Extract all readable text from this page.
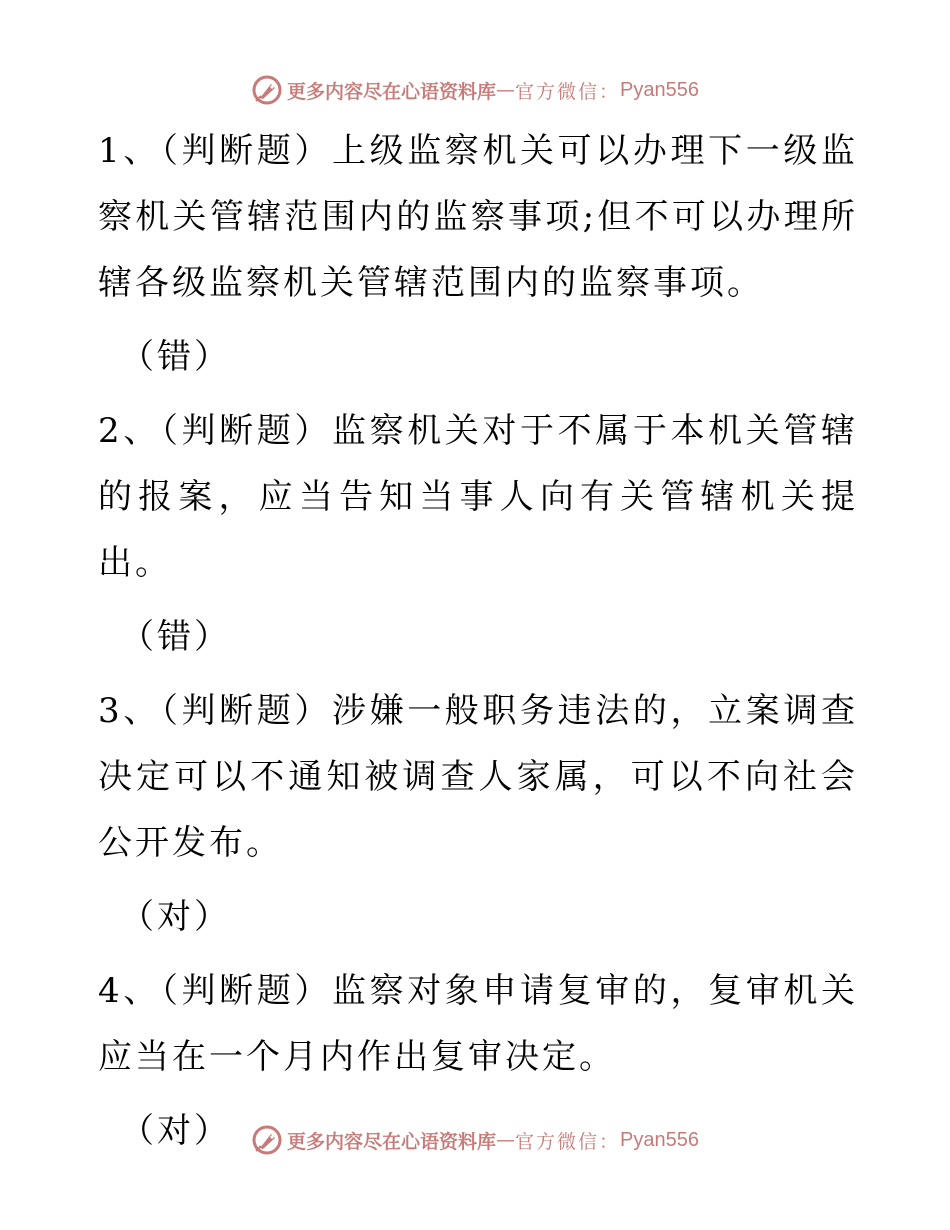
更多内容尽在心语资料库 — 官方微信： Pyan556

1、（判断题）上级监察机关可以办理下一级监察机关管辖范围内的监察事项;但不可以办理所辖各级监察机关管辖范围内的监察事项。

（错）

2、（判断题）监察机关对于不属于本机关管辖的报案，应当告知当事人向有关管辖机关提出。

（错）

3、（判断题）涉嫌一般职务违法的，立案调查决定可以不通知被调查人家属，可以不向社会公开发布。

（对）

4、（判断题）监察对象申请复审的，复审机关应当在一个月内作出复审决定。

（对）	更多内容尽在心语资料库 — 官方微信： Pyan556
